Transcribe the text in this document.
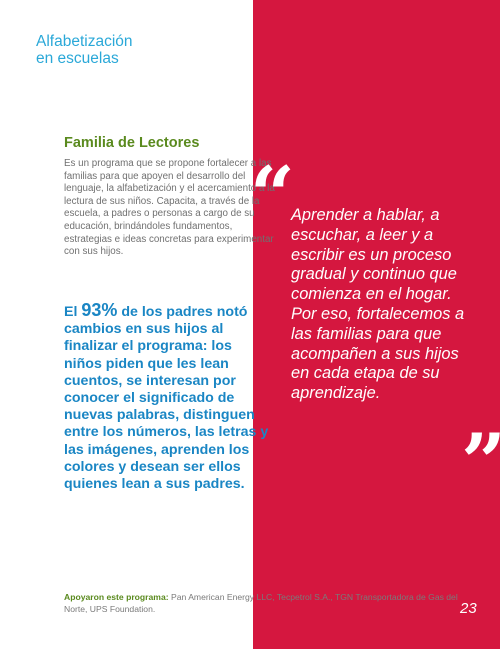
Alfabetización
en escuelas
Familia de Lectores
Es un programa que se propone fortalecer a las familias para que apoyen el desarrollo del lenguaje, la alfabetización y el acercamiento a la lectura de sus niños. Capacita, a través de la escuela, a padres o personas a cargo de su educación, brindándoles fundamentos, estrategias e ideas concretas para experimentar con sus hijos.
El 93% de los padres notó cambios en sus hijos al finalizar el programa: los niños piden que les lean cuentos, se interesan por conocer el significado de nuevas palabras, distinguen entre los números, las letras y las imágenes, aprenden los colores y desean ser ellos quienes lean a sus padres.
“ Aprender a hablar, a escuchar, a leer y a escribir es un proceso gradual y continuo que comienza en el hogar. Por eso, fortalecemos a las familias para que acompañen a sus hijos en cada etapa de su aprendizaje.
”
Apoyaron este programa: Pan American Energy LLC, Tecpetrol S.A., TGN Transportadora de Gas del Norte, UPS Foundation.	23
